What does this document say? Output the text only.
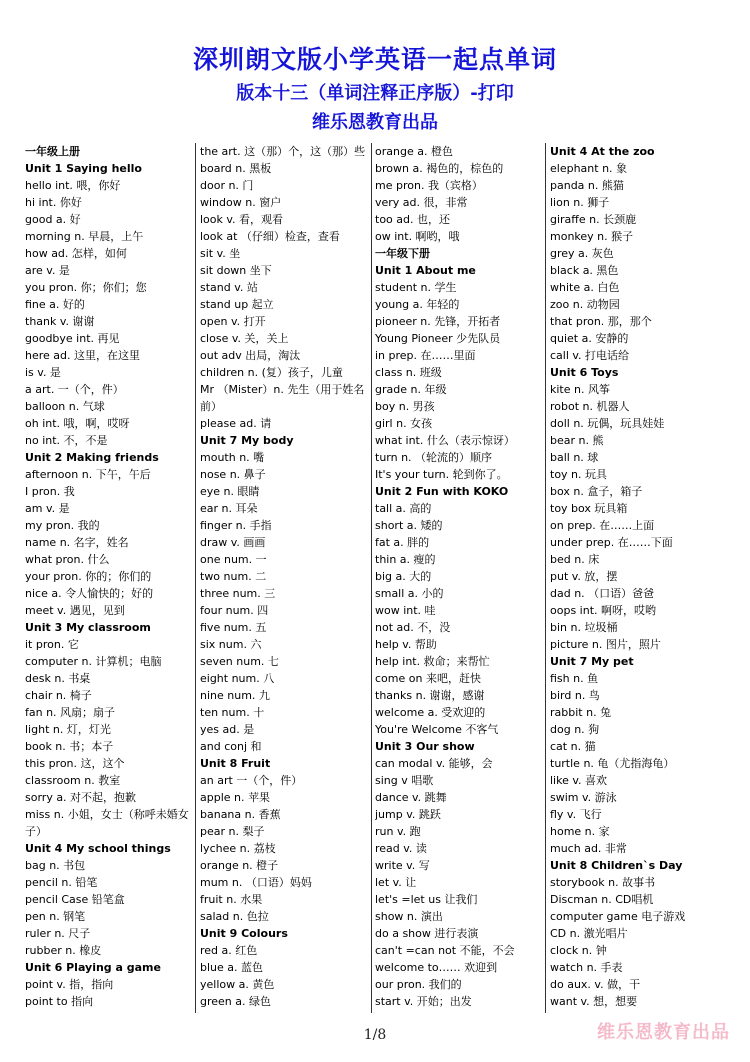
深圳朗文版小学英语一起点单词
版本十三（单词注释正序版）-打印
维乐恩教育出品
一年级上册
Unit 1 Saying hello
hello int. 喂，你好
hi int. 你好
good a. 好
morning n. 早晨，上午
how ad. 怎样，如何
are v. 是
you pron. 你；你们；您
fine a. 好的
thank v. 谢谢
goodbye int. 再见
here ad. 这里，在这里
is v. 是
a art. 一（个，件）
balloon n. 气球
oh int. 哦，啊，哎呀
no int. 不，不是
Unit 2 Making friends
afternoon n. 下午，午后
I pron. 我
am v. 是
my pron. 我的
name n. 名字，姓名
what pron. 什么
your pron. 你的；你们的
nice a. 令人愉快的；好的
meet v. 遇见，见到
Unit 3 My classroom
it pron. 它
computer n. 计算机；电脑
desk n. 书桌
chair n. 椅子
fan n. 风扇；扇子
light n. 灯，灯光
book n. 书；本子
this pron. 这，这个
classroom n. 教室
sorry a. 对不起，抱歉
miss n. 小姐，女士（称呼未婚女
子）
Unit 4 My school things
bag n. 书包
pencil n. 铅笔
pencil Case 铅笔盒
pen n. 钢笔
ruler n. 尺子
rubber n. 橡皮
Unit 6 Playing a game
point v. 指，指向
point to 指向
the art. 这（那）个，这（那）些
board n. 黑板
door n. 门
window n. 窗户
look v. 看，观看
look at （仔细）检查，查看
sit v. 坐
sit down 坐下
stand v. 站
stand up 起立
open v. 打开
close v. 关，关上
out adv 出局，淘汰
children n. (复）孩子，儿童
Mr （Mister）n. 先生（用于姓名
前）
please ad. 请
Unit 7 My body
mouth n. 嘴
nose n. 鼻子
eye n. 眼睛
ear n. 耳朵
finger n. 手指
draw v. 画画
one num. 一
two num. 二
three num. 三
four num. 四
five num. 五
six num. 六
seven num. 七
eight num. 八
nine num. 九
ten num. 十
yes ad. 是
and conj 和
Unit 8 Fruit
an art 一（个，件）
apple n. 苹果
banana n. 香蕉
pear n. 梨子
lychee n. 荔枝
orange n. 橙子
mum n. （口语）妈妈
fruit n. 水果
salad n. 色拉
Unit 9 Colours
red a. 红色
blue a. 蓝色
yellow a. 黄色
green a. 绿色
orange a. 橙色
brown a. 褐色的，棕色的
me pron. 我（宾格）
very ad. 很，非常
too ad. 也，还
ow int. 啊哟，哦
一年级下册
Unit 1 About me
student n. 学生
young a. 年轻的
pioneer n. 先锋，开拓者
Young Pioneer 少先队员
in prep. 在……里面
class n. 班级
grade n. 年级
boy n. 男孩
girl n. 女孩
what int. 什么（表示惊讶）
turn n. （轮流的）顺序
It's your turn. 轮到你了。
Unit 2 Fun with KOKO
tall a. 高的
short a. 矮的
fat a. 胖的
thin a. 瘦的
big a. 大的
small a. 小的
wow int. 哇
not ad. 不，没
help v. 帮助
help int. 救命；来帮忙
come on 来吧，赶快
thanks n. 谢谢，感谢
welcome a. 受欢迎的
You're Welcome 不客气
Unit 3 Our show
can modal v. 能够，会
sing v 唱歌
dance v. 跳舞
jump v. 跳跃
run v. 跑
read v. 读
write v. 写
let v. 让
let's =let us 让我们
show n. 演出
do a show 进行表演
can't =can not 不能，不会
welcome to…… 欢迎到
our pron. 我们的
start v. 开始；出发
Unit 4 At the zoo
elephant n. 象
panda n. 熊猫
lion n. 狮子
giraffe n. 长颈鹿
monkey n. 猴子
grey a. 灰色
black a. 黑色
white a. 白色
zoo n. 动物园
that pron. 那，那个
quiet a. 安静的
call v. 打电话给
Unit 6 Toys
kite n. 风筝
robot n. 机器人
doll n. 玩偶，玩具娃娃
bear n. 熊
ball n. 球
toy n. 玩具
box n. 盒子，箱子
toy box 玩具箱
on prep. 在……上面
under prep. 在……下面
bed n. 床
put v. 放，摆
dad n. （口语）爸爸
oops int. 啊呀，哎哟
bin n. 垃圾桶
picture n. 图片，照片
Unit 7 My pet
fish n. 鱼
bird n. 鸟
rabbit n. 兔
dog n. 狗
cat n. 猫
turtle n. 龟（尤指海龟）
like v. 喜欢
swim v. 游泳
fly v. 飞行
home n. 家
much ad. 非常
Unit 8 Children`s Day
storybook n. 故事书
Discman n. CD唱机
computer game 电子游戏
CD n. 激光唱片
clock n. 钟
watch n. 手表
do aux. v. 做，干
want v. 想，想要
1/8	维乐恩教育出品
